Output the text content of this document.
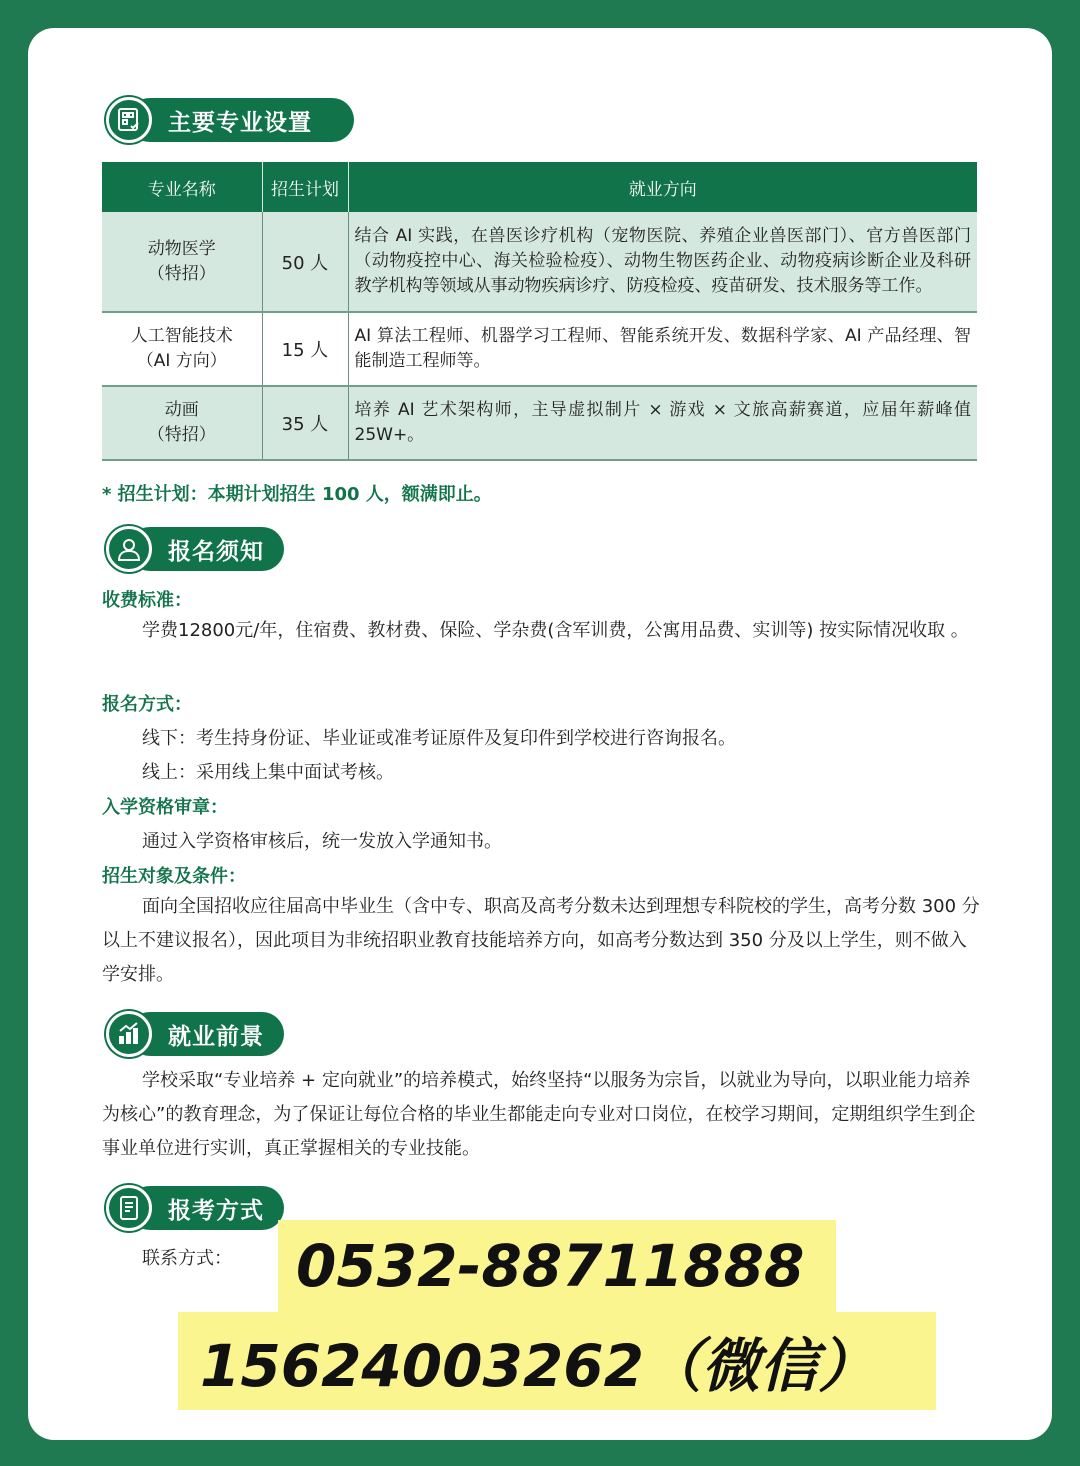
主要专业设置
专业名称	招生计划	就业方向

动物医学
（特招）	50 人	结合 AI 实践，在兽医诊疗机构（宠物医院、养殖企业兽医部门）、官方兽医部门（动物疫控中心、海关检验检疫）、动物生物医药企业、动物疫病诊断企业及科研教学机构等领域从事动物疾病诊疗、防疫检疫、疫苗研发、技术服务等工作。

人工智能技术
（AI 方向）	15 人	AI 算法工程师、机器学习工程师、智能系统开发、数据科学家、AI 产品经理、智能制造工程师等。

动画
（特招）	35 人	培养 AI 艺术架构师，主导虚拟制片 × 游戏 × 文旅高薪赛道，应届年薪峰值 25W+。
* 招生计划：本期计划招生 100 人，额满即止。
报名须知
收费标准：
学费12800元/年，住宿费、教材费、保险、学杂费(含军训费，公寓用品费、实训等) 按实际情况收取 。
报名方式：
线下：考生持身份证、毕业证或准考证原件及复印件到学校进行咨询报名。
线上：采用线上集中面试考核。
入学资格审章：
通过入学资格审核后，统一发放入学通知书。
招生对象及条件：
面向全国招收应往届高中毕业生（含中专、职高及高考分数未达到理想专科院校的学生，高考分数 300 分以上不建议报名），因此项目为非统招职业教育技能培养方向，如高考分数达到 350 分及以上学生，则不做入学安排。
就业前景
学校采取“专业培养 + 定向就业”的培养模式，始终坚持“以服务为宗旨，以就业为导向，以职业能力培养为核心”的教育理念，为了保证让每位合格的毕业生都能走向专业对口岗位，在校学习期间，定期组织学生到企事业单位进行实训，真正掌握相关的专业技能。
报考方式
联系方式： 0532-88711888
15624003262（微信）
